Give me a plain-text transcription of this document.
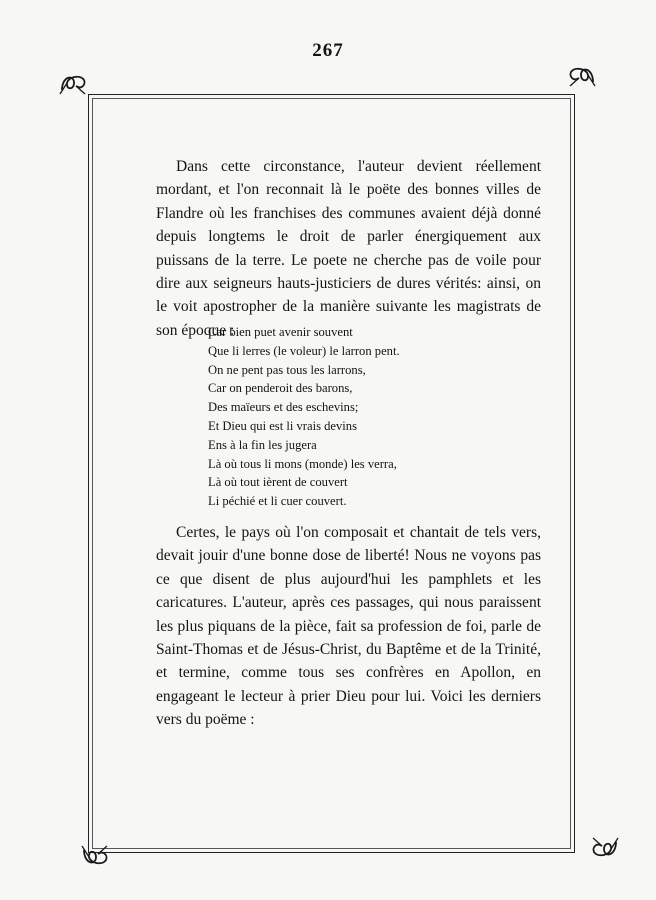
267
Dans cette circonstance, l'auteur devient réellement mordant, et l'on reconnait là le poëte des bonnes villes de Flandre où les franchises des communes avaient déjà donné depuis longtems le droit de parler énergiquement aux puissans de la terre. Le poete ne cherche pas de voile pour dire aux seigneurs hauts-justiciers de dures vérités: ainsi, on le voit apostropher de la manière suivante les magistrats de son époque :
Car bien puet avenir souvent
Que li lerres (le voleur) le larron pent.
On ne pent pas tous les larrons,
Car on penderoit des barons,
Des maïeurs et des eschevins;
Et Dieu qui est li vrais devins
Ens à la fin les jugera
Là où tous li mons (monde) les verra,
Là où tout ièrent de couvert
Li péchié et li cuer couvert.
Certes, le pays où l'on composait et chantait de tels vers, devait jouir d'une bonne dose de liberté! Nous ne voyons pas ce que disent de plus aujourd'hui les pamphlets et les caricatures. L'auteur, après ces passages, qui nous paraissent les plus piquans de la pièce, fait sa profession de foi, parle de Saint-Thomas et de Jésus-Christ, du Baptême et de la Trinité, et termine, comme tous ses confrères en Apollon, en engageant le lecteur à prier Dieu pour lui. Voici les derniers vers du poëme :
